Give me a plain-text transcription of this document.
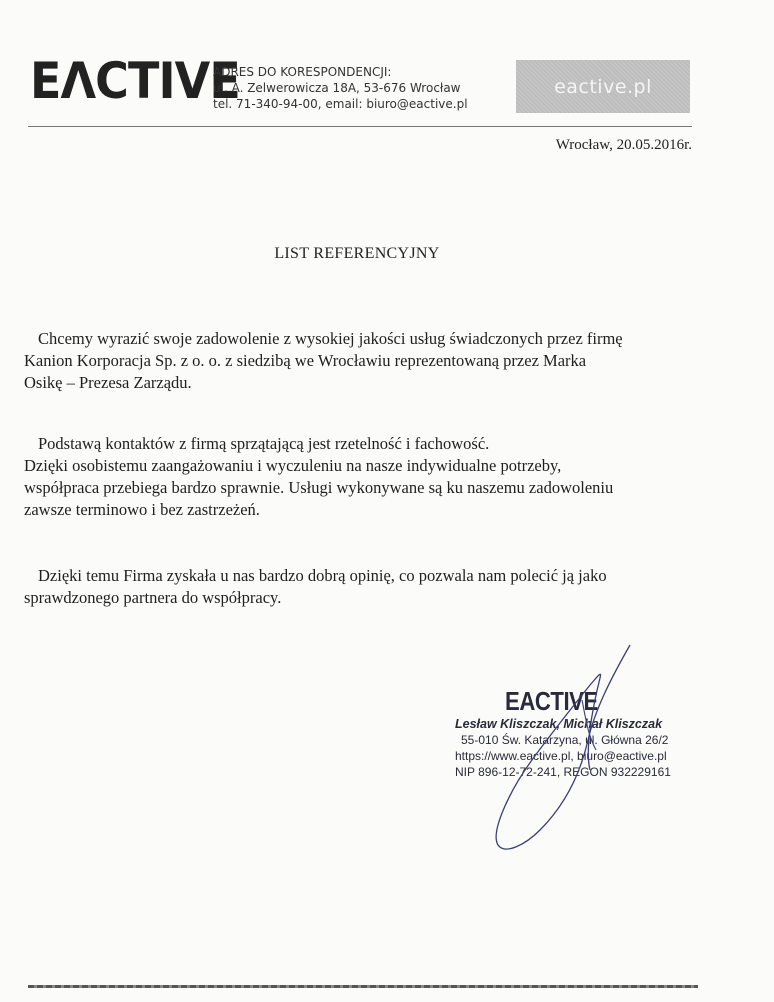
EΛCTIVE
ADRES DO KORESPONDENCJI:
ul. A. Zelwerowicza 18A, 53-676 Wrocław
tel. 71-340-94-00, email: biuro@eactive.pl
eactive.pl
Wrocław, 20.05.2016r.
LIST REFERENCYJNY
Chcemy wyrazić swoje zadowolenie z wysokiej jakości usług świadczonych przez firmę
Kanion Korporacja Sp. z o. o. z siedzibą we Wrocławiu reprezentowaną przez Marka
Osikę – Prezesa Zarządu.
Podstawą kontaktów z firmą sprzątającą jest rzetelność i fachowość.
Dzięki osobistemu zaangażowaniu i wyczuleniu na nasze indywidualne potrzeby,
współpraca przebiega bardzo sprawnie. Usługi wykonywane są ku naszemu zadowoleniu
zawsze terminowo i bez zastrzeżeń.
Dzięki temu Firma zyskała u nas bardzo dobrą opinię, co pozwala nam polecić ją jako
sprawdzonego partnera do współpracy.
EACTIVE
Lesław Kliszczak, Michał Kliszczak
55-010 Św. Katarzyna, ul. Główna 26/2
https://www.eactive.pl, biuro@eactive.pl
NIP 896-12-72-241, REGON 932229161
